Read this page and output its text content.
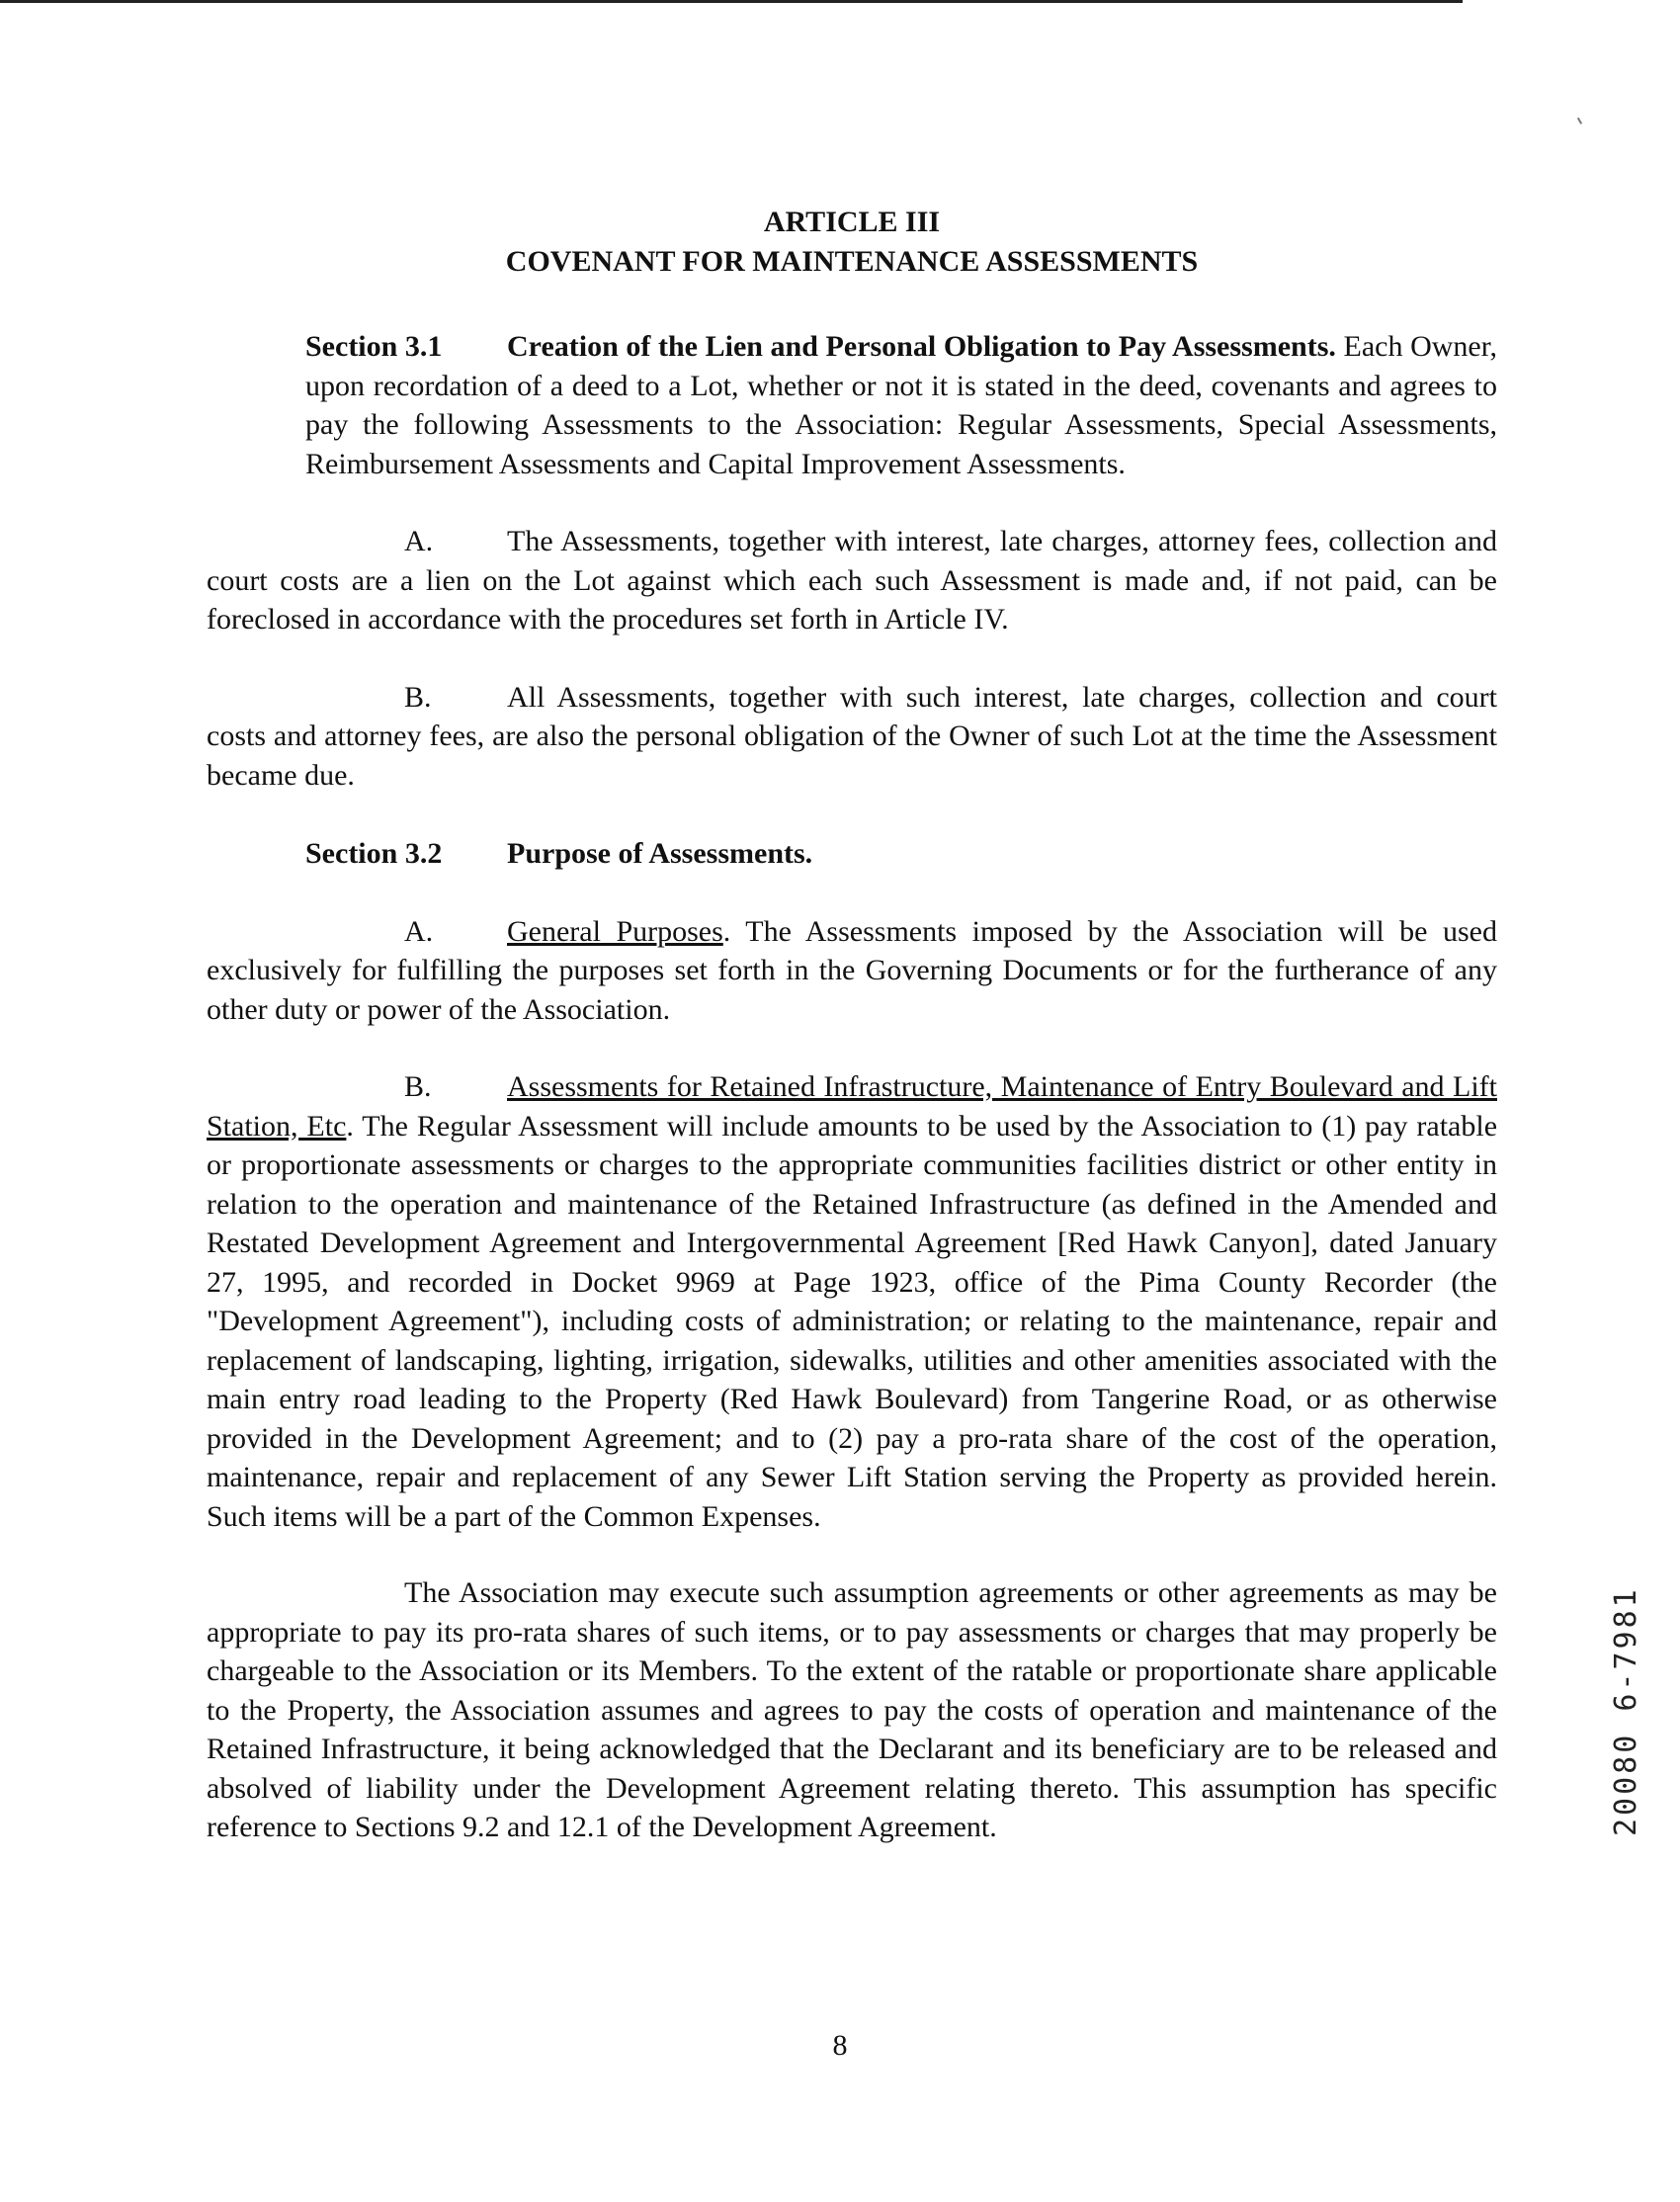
ARTICLE III

COVENANT FOR MAINTENANCE ASSESSMENTS

Section 3.1 Creation of the Lien and Personal Obligation to Pay Assessments. Each Owner, upon recordation of a deed to a Lot, whether or not it is stated in the deed, covenants and agrees to pay the following Assessments to the Association: Regular Assessments, Special Assessments, Reimbursement Assessments and Capital Improvement Assessments.

A. The Assessments, together with interest, late charges, attorney fees, collection and court costs are a lien on the Lot against which each such Assessment is made and, if not paid, can be foreclosed in accordance with the procedures set forth in Article IV.

B.	All Assessments, together with such interest, late charges, collection and court costs and attorney fees, are also the personal obligation of the Owner of such Lot at the time the Assessment became due.

Section 3.2 Purpose of Assessments.

A. General Purposes. The Assessments imposed by the Association will be used exclusively for fulfilling the purposes set forth in the Governing Documents or for the furtherance of any other duty or power of the Association.

B.	Assessments for Retained Infrastructure, Maintenance of Entry Boulevard and Lift Station, Etc. The Regular Assessment will include amounts to be used by the Association to (1) pay ratable or proportionate assessments or charges to the appropriate communities facilities district or other entity in relation to the operation and maintenance of the Retained Infrastructure (as defined in the Amended and Restated Development Agreement and Intergovernmental Agreement [Red Hawk Canyon], dated January 27, 1995, and recorded in Docket 9969 at Page 1923, office of the Pima County Recorder (the "Development Agreement"), including costs of administration; or relating to the maintenance, repair and replacement of landscaping, lighting, irrigation, sidewalks, utilities and other amenities associated with the main entry road leading to the Property (Red Hawk Boulevard) from Tangerine Road, or as otherwise provided in the Development Agreement; and to (2) pay a pro-rata share of the cost of the operation, maintenance, repair and replacement of any Sewer Lift Station serving the Property as provided herein. Such items will be a part of the Common Expenses.

The Association may execute such assumption agreements or other agreements as may be appropriate to pay its pro-rata shares of such items, or to pay assessments or charges that may properly be chargeable to the Association or its Members. To the extent of the ratable or proportionate share applicable to the Property, the Association assumes and agrees to pay the costs of operation and maintenance of the Retained Infrastructure, it being acknowledged that the Declarant and its beneficiary are to be released and absolved of liability under the Development Agreement relating thereto. This assumption has specific reference to Sections 9.2 and 12.1 of the Development Agreement.	20080 6-7981
8
